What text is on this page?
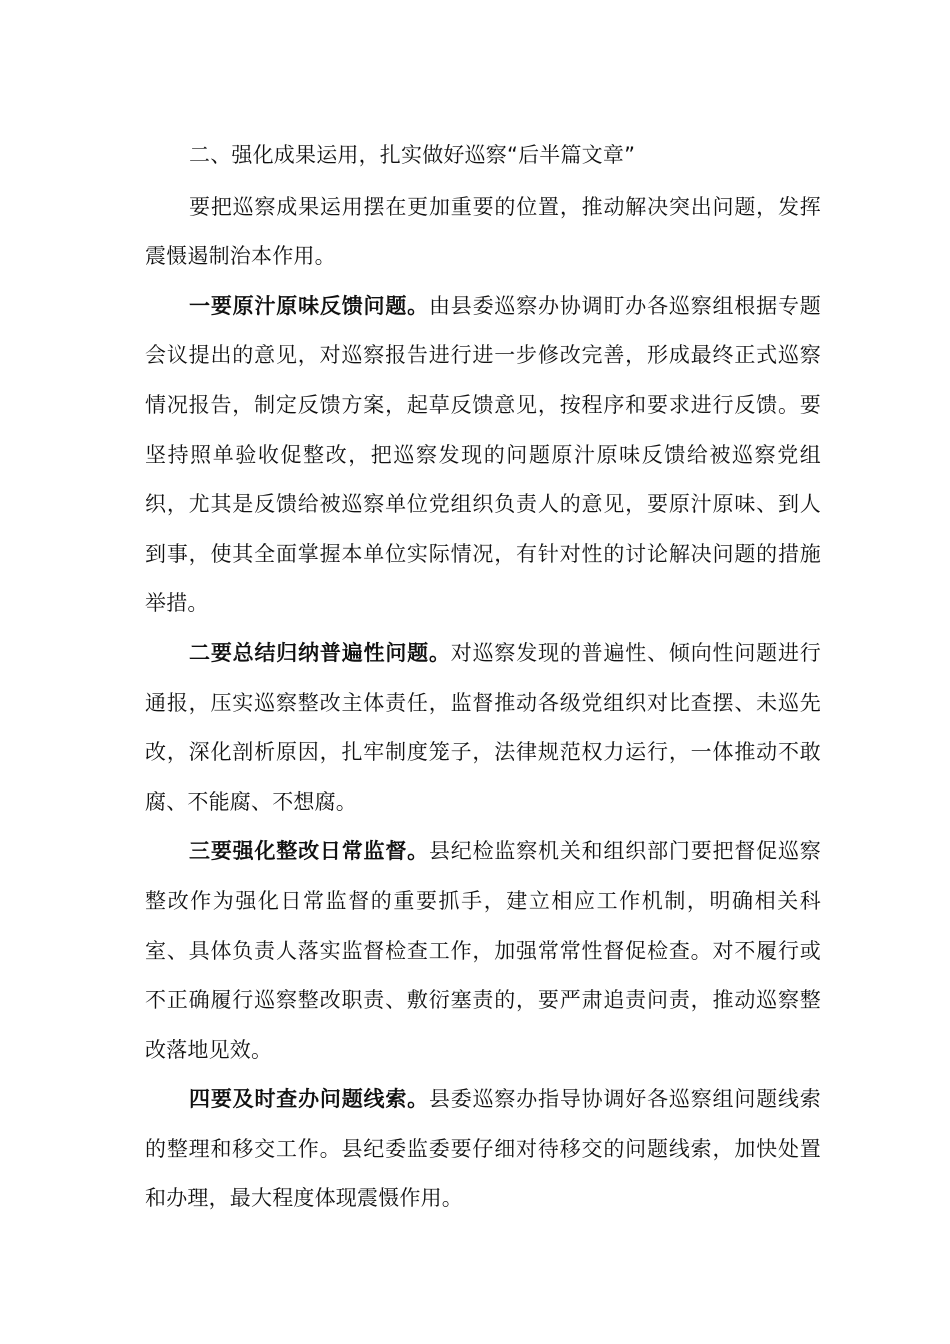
二、强化成果运用，扎实做好巡察“后半篇文章”

要把巡察成果运用摆在更加重要的位置，推动解决突出问题，发挥震慑遏制治本作用。

一要原汁原味反馈问题。由县委巡察办协调盯办各巡察组根据专题会议提出的意见，对巡察报告进行进一步修改完善，形成最终正式巡察情况报告，制定反馈方案，起草反馈意见，按程序和要求进行反馈。要坚持照单验收促整改，把巡察发现的问题原汁原味反馈给被巡察党组织，尤其是反馈给被巡察单位党组织负责人的意见，要原汁原味、到人到事，使其全面掌握本单位实际情况，有针对性的讨论解决问题的措施举措。

二要总结归纳普遍性问题。对巡察发现的普遍性、倾向性问题进行通报，压实巡察整改主体责任，监督推动各级党组织对比查摆、未巡先改，深化剖析原因，扎牢制度笼子，法律规范权力运行，一体推动不敢腐、不能腐、不想腐。

三要强化整改日常监督。县纪检监察机关和组织部门要把督促巡察整改作为强化日常监督的重要抓手，建立相应工作机制，明确相关科室、具体负责人落实监督检查工作，加强常常性督促检查。对不履行或不正确履行巡察整改职责、敷衍塞责的，要严肃追责问责，推动巡察整改落地见效。

四要及时查办问题线索。县委巡察办指导协调好各巡察组问题线索的整理和移交工作。县纪委监委要仔细对待移交的问题线索，加快处置和办理，最大程度体现震慑作用。
